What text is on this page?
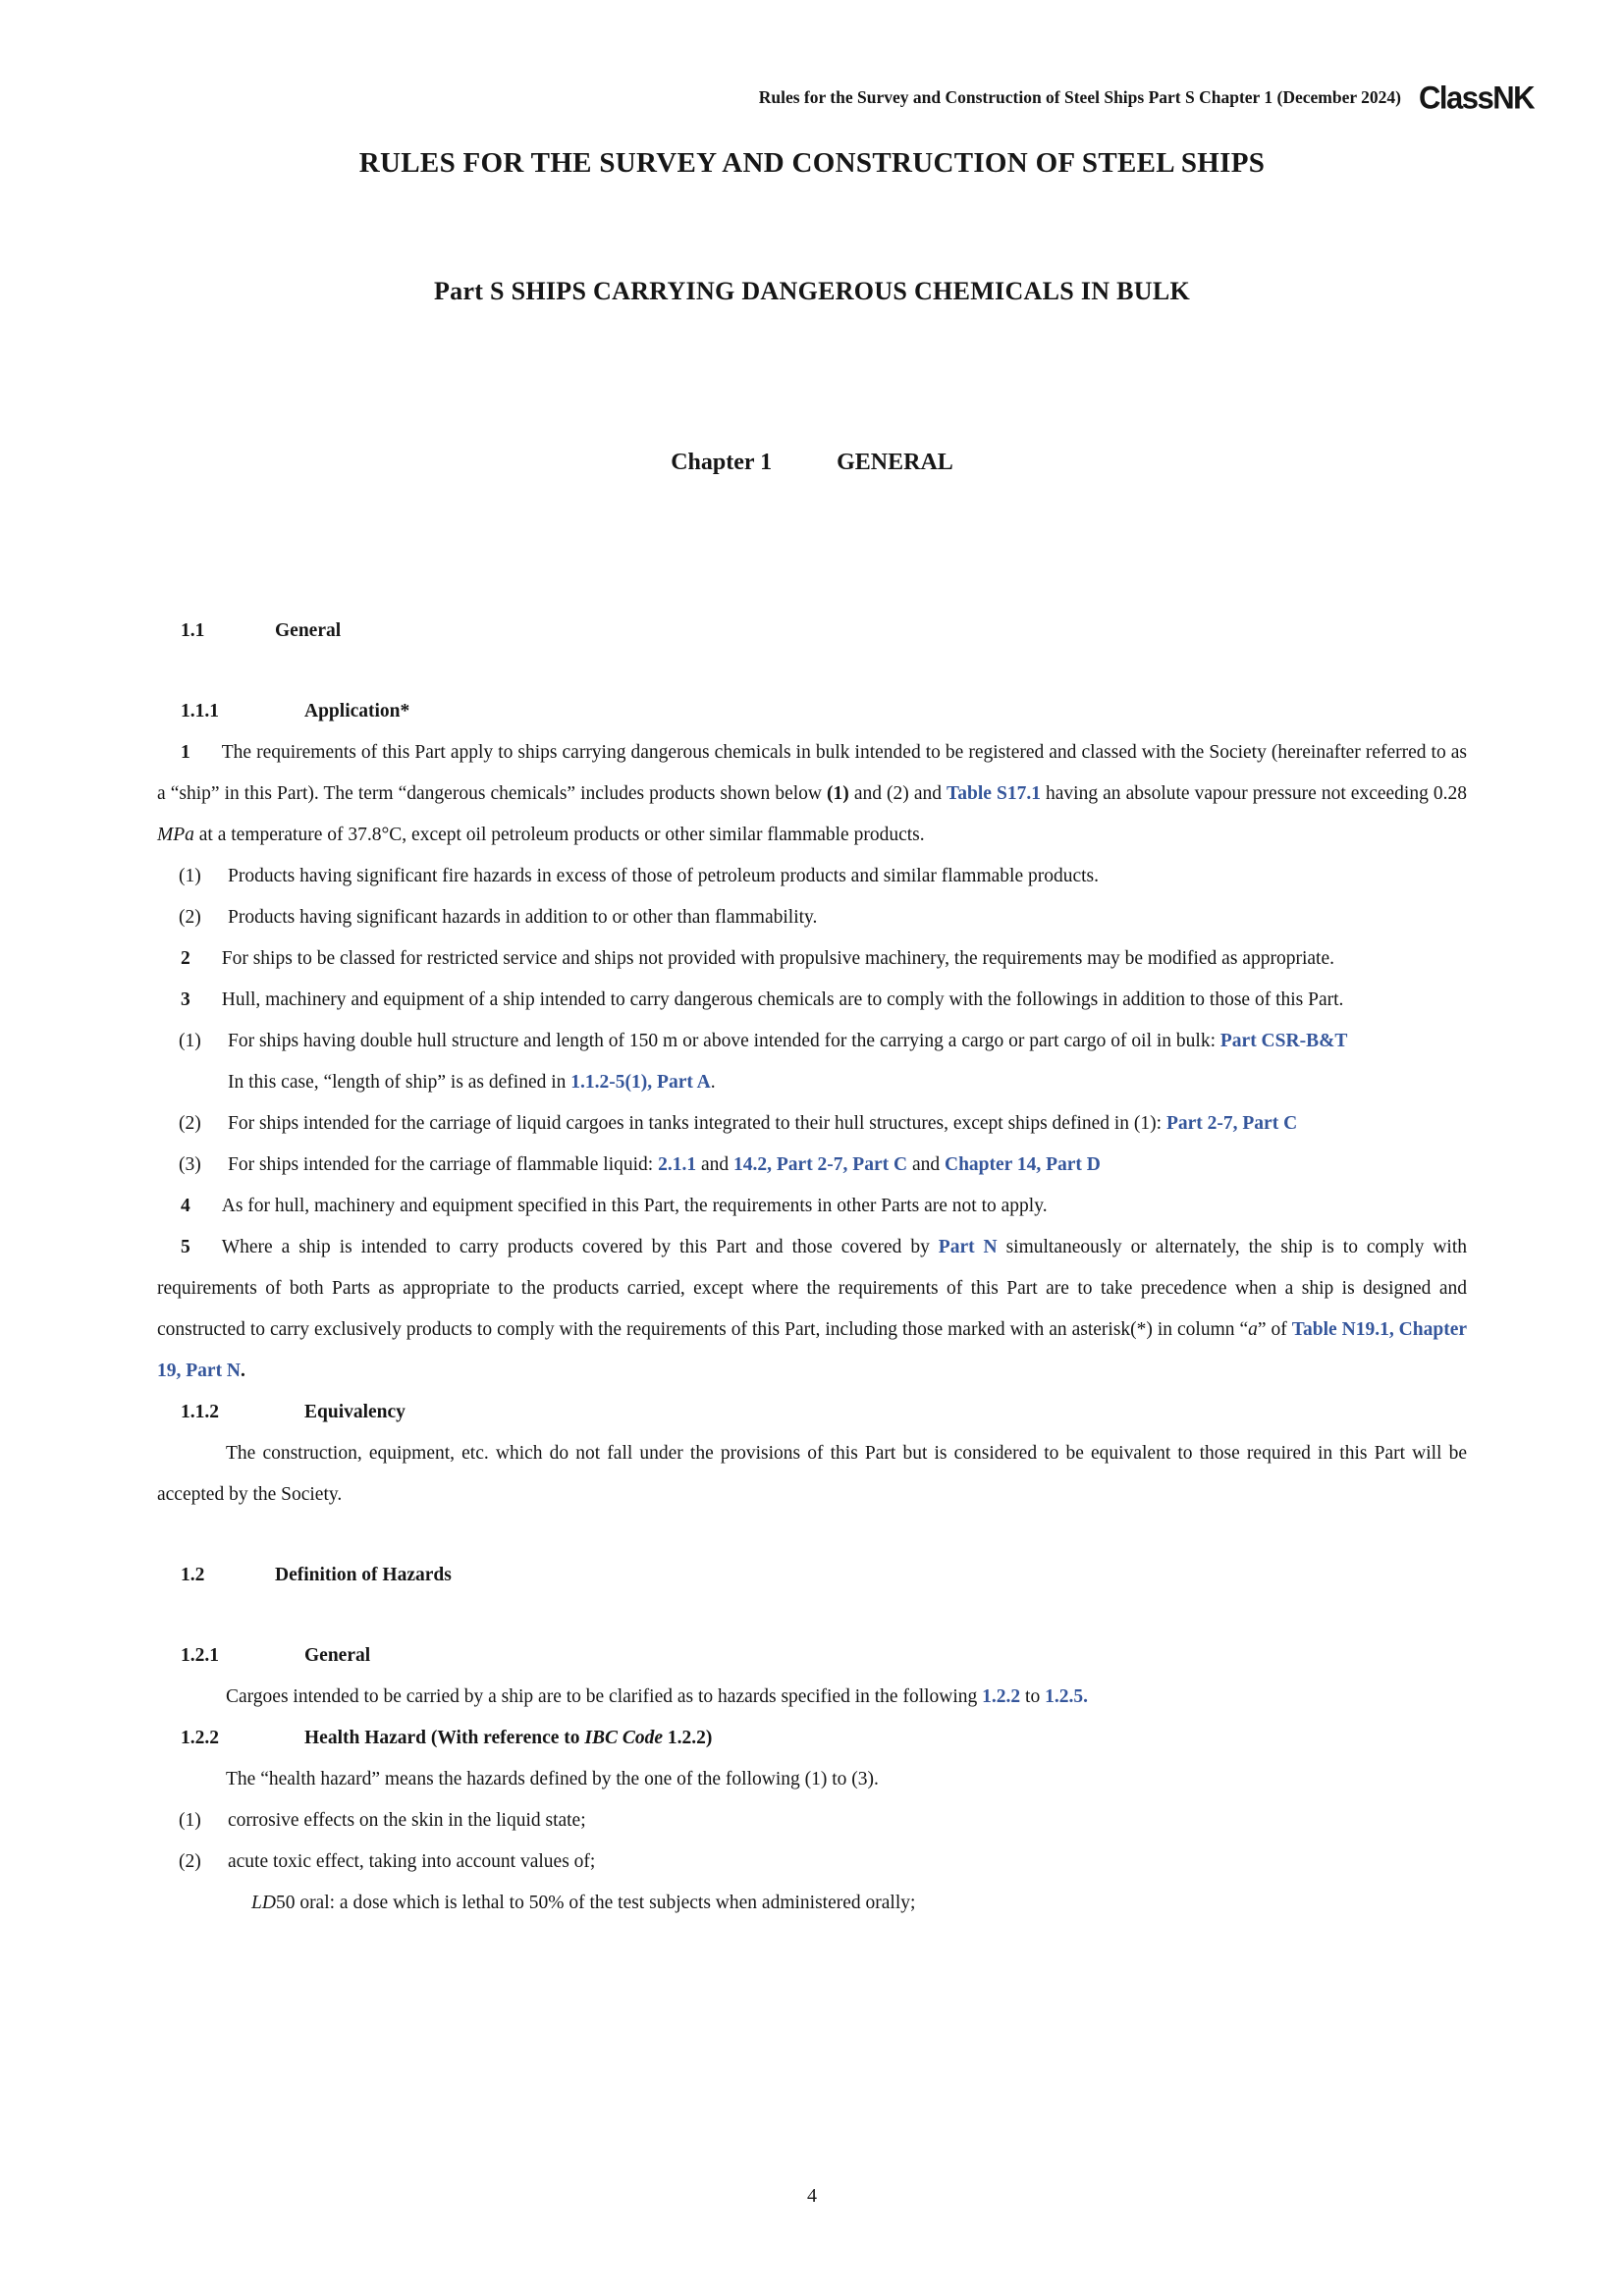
Rules for the Survey and Construction of Steel Ships Part S Chapter 1 (December 2024) ClassNK
RULES FOR THE SURVEY AND CONSTRUCTION OF STEEL SHIPS
Part S SHIPS CARRYING DANGEROUS CHEMICALS IN BULK
Chapter 1	GENERAL
1.1	General
1.1.1	Application*
1 The requirements of this Part apply to ships carrying dangerous chemicals in bulk intended to be registered and classed with the Society (hereinafter referred to as a “ship” in this Part). The term “dangerous chemicals” includes products shown below (1) and (2) and Table S17.1 having an absolute vapour pressure not exceeding 0.28 MPa at a temperature of 37.8°C, except oil petroleum products or other similar flammable products.
(1) Products having significant fire hazards in excess of those of petroleum products and similar flammable products.
(2) Products having significant hazards in addition to or other than flammability.
2 For ships to be classed for restricted service and ships not provided with propulsive machinery, the requirements may be modified as appropriate.
3 Hull, machinery and equipment of a ship intended to carry dangerous chemicals are to comply with the followings in addition to those of this Part.
(1) For ships having double hull structure and length of 150 m or above intended for the carrying a cargo or part cargo of oil in bulk: Part CSR-B&T
In this case, “length of ship” is as defined in 1.1.2-5(1), Part A.
(2) For ships intended for the carriage of liquid cargoes in tanks integrated to their hull structures, except ships defined in (1): Part 2-7, Part C
(3) For ships intended for the carriage of flammable liquid: 2.1.1 and 14.2, Part 2-7, Part C and Chapter 14, Part D
4 As for hull, machinery and equipment specified in this Part, the requirements in other Parts are not to apply.
5 Where a ship is intended to carry products covered by this Part and those covered by Part N simultaneously or alternately, the ship is to comply with requirements of both Parts as appropriate to the products carried, except where the requirements of this Part are to take precedence when a ship is designed and constructed to carry exclusively products to comply with the requirements of this Part, including those marked with an asterisk(*) in column “a” of Table N19.1, Chapter 19, Part N.
1.1.2	Equivalency
The construction, equipment, etc. which do not fall under the provisions of this Part but is considered to be equivalent to those required in this Part will be accepted by the Society.
1.2	Definition of Hazards
1.2.1	General
Cargoes intended to be carried by a ship are to be clarified as to hazards specified in the following 1.2.2 to 1.2.5.
1.2.2	Health Hazard (With reference to IBC Code 1.2.2)
The “health hazard” means the hazards defined by the one of the following (1) to (3).
(1) corrosive effects on the skin in the liquid state;
(2) acute toxic effect, taking into account values of;
LD50 oral: a dose which is lethal to 50% of the test subjects when administered orally;
4
